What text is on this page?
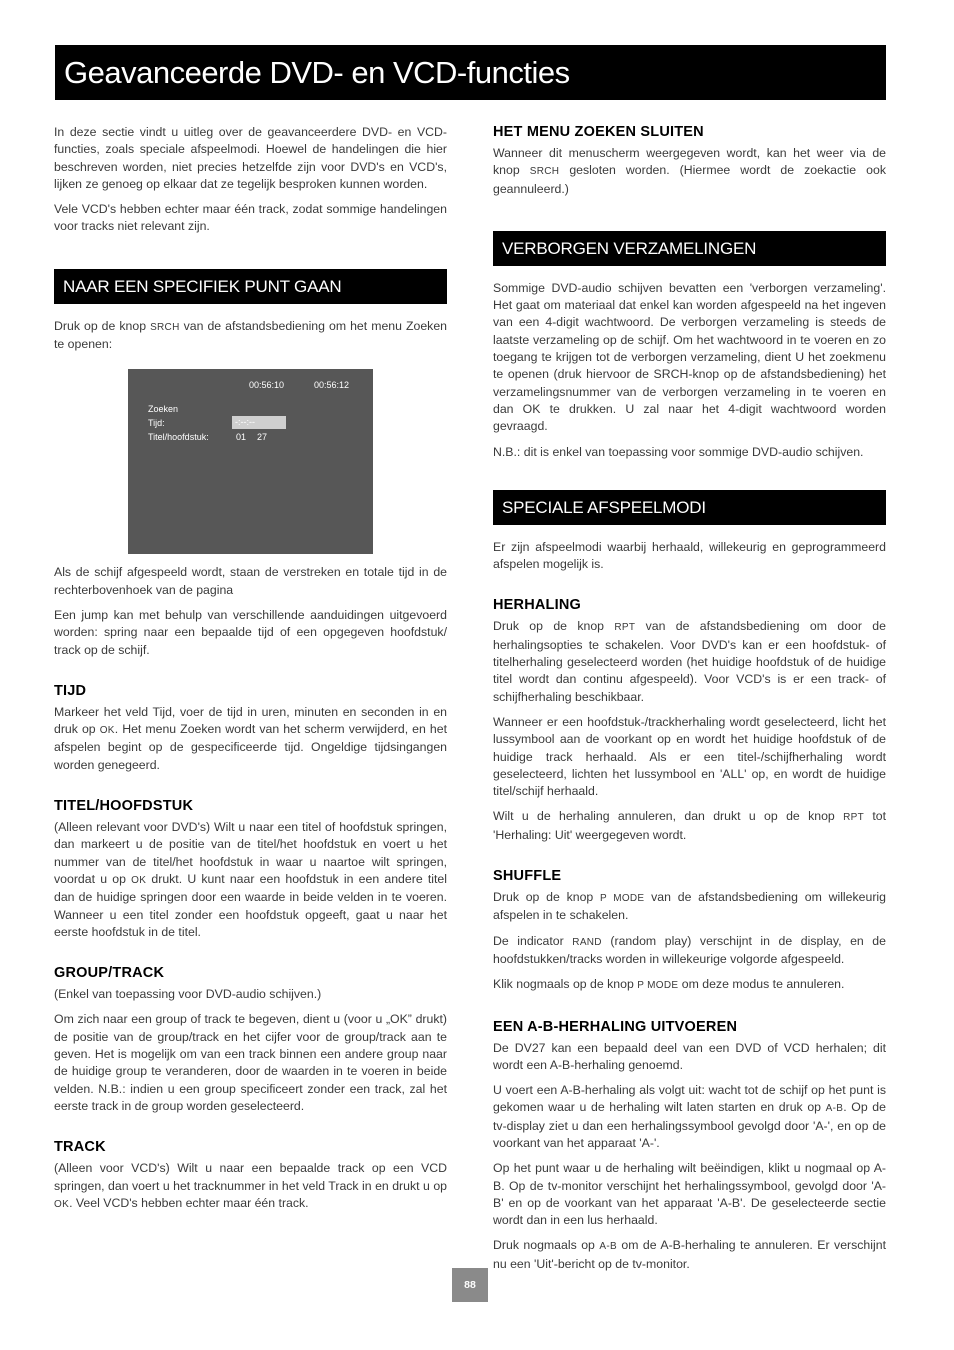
Geavanceerde DVD- en VCD-functies

In deze sectie vindt u uitleg over de geavanceerdere DVD- en VCD-functies, zoals speciale afspeelmodi. Hoewel de handelingen die hier beschreven worden, niet precies hetzelfde zijn voor DVD's en VCD's, lijken ze genoeg op elkaar dat ze tegelijk besproken kunnen worden.

Vele VCD's hebben echter maar één track, zodat sommige handelingen voor tracks niet relevant zijn.

NAAR EEN SPECIFIEK PUNT GAAN

Druk op de knop SRCH van de afstandsbediening om het menu Zoeken te openen:

00:56:10	00:56:12
Zoeken
Tijd:	-:--:--
Titel/hoofdstuk:	01 27

Als de schijf afgespeeld wordt, staan de verstreken en totale tijd in de rechterbovenhoek van de pagina

Een jump kan met behulp van verschillende aanduidingen uitgevoerd worden: spring naar een bepaalde tijd of een opgegeven hoofdstuk/ track op de schijf.

TIJD

Markeer het veld Tijd, voer de tijd in uren, minuten en seconden in en druk op OK. Het menu Zoeken wordt van het scherm verwijderd, en het afspelen begint op de gespecificeerde tijd. Ongeldige tijdsingangen worden genegeerd.

TITEL/HOOFDSTUK

(Alleen relevant voor DVD's) Wilt u naar een titel of hoofdstuk springen, dan markeert u de positie van de titel/het hoofdstuk en voert u het nummer van de titel/het hoofdstuk in waar u naartoe wilt springen, voordat u op OK drukt. U kunt naar een hoofdstuk in een andere titel dan de huidige springen door een waarde in beide velden in te voeren. Wanneer u een titel zonder een hoofdstuk opgeeft, gaat u naar het eerste hoofdstuk in de titel.

GROUP/TRACK

(Enkel van toepassing voor DVD-audio schijven.)

Om zich naar een group of track te begeven, dient u (voor u „OK” drukt) de positie van de group/track en het cijfer voor de group/track aan te geven. Het is mogelijk om van een track binnen een andere group naar de huidige group te veranderen, door de waarden in te voeren in beide velden. N.B.: indien u een group specificeert zonder een track, zal het eerste track in de group worden geselecteerd.

TRACK

(Alleen voor VCD's) Wilt u naar een bepaalde track op een VCD springen, dan voert u het tracknummer in het veld Track in en drukt u op OK. Veel VCD's hebben echter maar één track.

HET MENU ZOEKEN SLUITEN

Wanneer dit menuscherm weergegeven wordt, kan het weer via de knop SRCH gesloten worden. (Hiermee wordt de zoekactie ook geannuleerd.)

VERBORGEN VERZAMELINGEN

Sommige DVD-audio schijven bevatten een 'verborgen verzameling'. Het gaat om materiaal dat enkel kan worden afgespeeld na het ingeven van een 4-digit wachtwoord. De verborgen verzameling is steeds de laatste verzameling op de schijf. Om het wachtwoord in te voeren en zo toegang te krijgen tot de verborgen verzameling, dient U het zoekmenu te openen (druk hiervoor de SRCH-knop op de afstandsbediening) het verzamelingsnummer van de verborgen verzameling in te voeren en dan OK te drukken. U zal naar het 4-digit wachtwoord worden gevraagd.

N.B.: dit is enkel van toepassing voor sommige DVD-audio schijven.

SPECIALE AFSPEELMODI

Er zijn afspeelmodi waarbij herhaald, willekeurig en geprogrammeerd afspelen mogelijk is.

HERHALING

Druk op de knop RPT van de afstandsbediening om door de herhalingsopties te schakelen. Voor DVD's kan er een hoofdstuk- of titelherhaling geselecteerd worden (het huidige hoofdstuk of de huidige titel wordt dan continu afgespeeld). Voor VCD's is er een track- of schijfherhaling beschikbaar.

Wanneer er een hoofdstuk-/trackherhaling wordt geselecteerd, licht het lussymbool aan de voorkant op en wordt het huidige hoofdstuk of de huidige track herhaald. Als er een titel-/schijfherhaling wordt geselecteerd, lichten het lussymbool en 'ALL' op, en wordt de huidige titel/schijf herhaald.

Wilt u de herhaling annuleren, dan drukt u op de knop RPT tot 'Herhaling: Uit' weergegeven wordt.

SHUFFLE

Druk op de knop P MODE van de afstandsbediening om willekeurig afspelen in te schakelen.

De indicator RAND (random play) verschijnt in de display, en de hoofdstukken/tracks worden in willekeurige volgorde afgespeeld.

Klik nogmaals op de knop P MODE om deze modus te annuleren.

EEN A-B-HERHALING UITVOEREN

De DV27 kan een bepaald deel van een DVD of VCD herhalen; dit wordt een A-B-herhaling genoemd.

U voert een A-B-herhaling als volgt uit: wacht tot de schijf op het punt is gekomen waar u de herhaling wilt laten starten en druk op A-B. Op de tv-display ziet u dan een herhalingssymbool gevolgd door 'A-', en op de voorkant van het apparaat 'A-'.

Op het punt waar u de herhaling wilt beëindigen, klikt u nogmaal op A-B. Op de tv-monitor verschijnt het herhalingssymbool, gevolgd door 'A-B' en op de voorkant van het apparaat 'A-B'. De geselecteerde sectie wordt dan in een lus herhaald.

Druk nogmaals op A-B om de A-B-herhaling te annuleren. Er verschijnt nu een 'Uit'-bericht op de tv-monitor.

88
